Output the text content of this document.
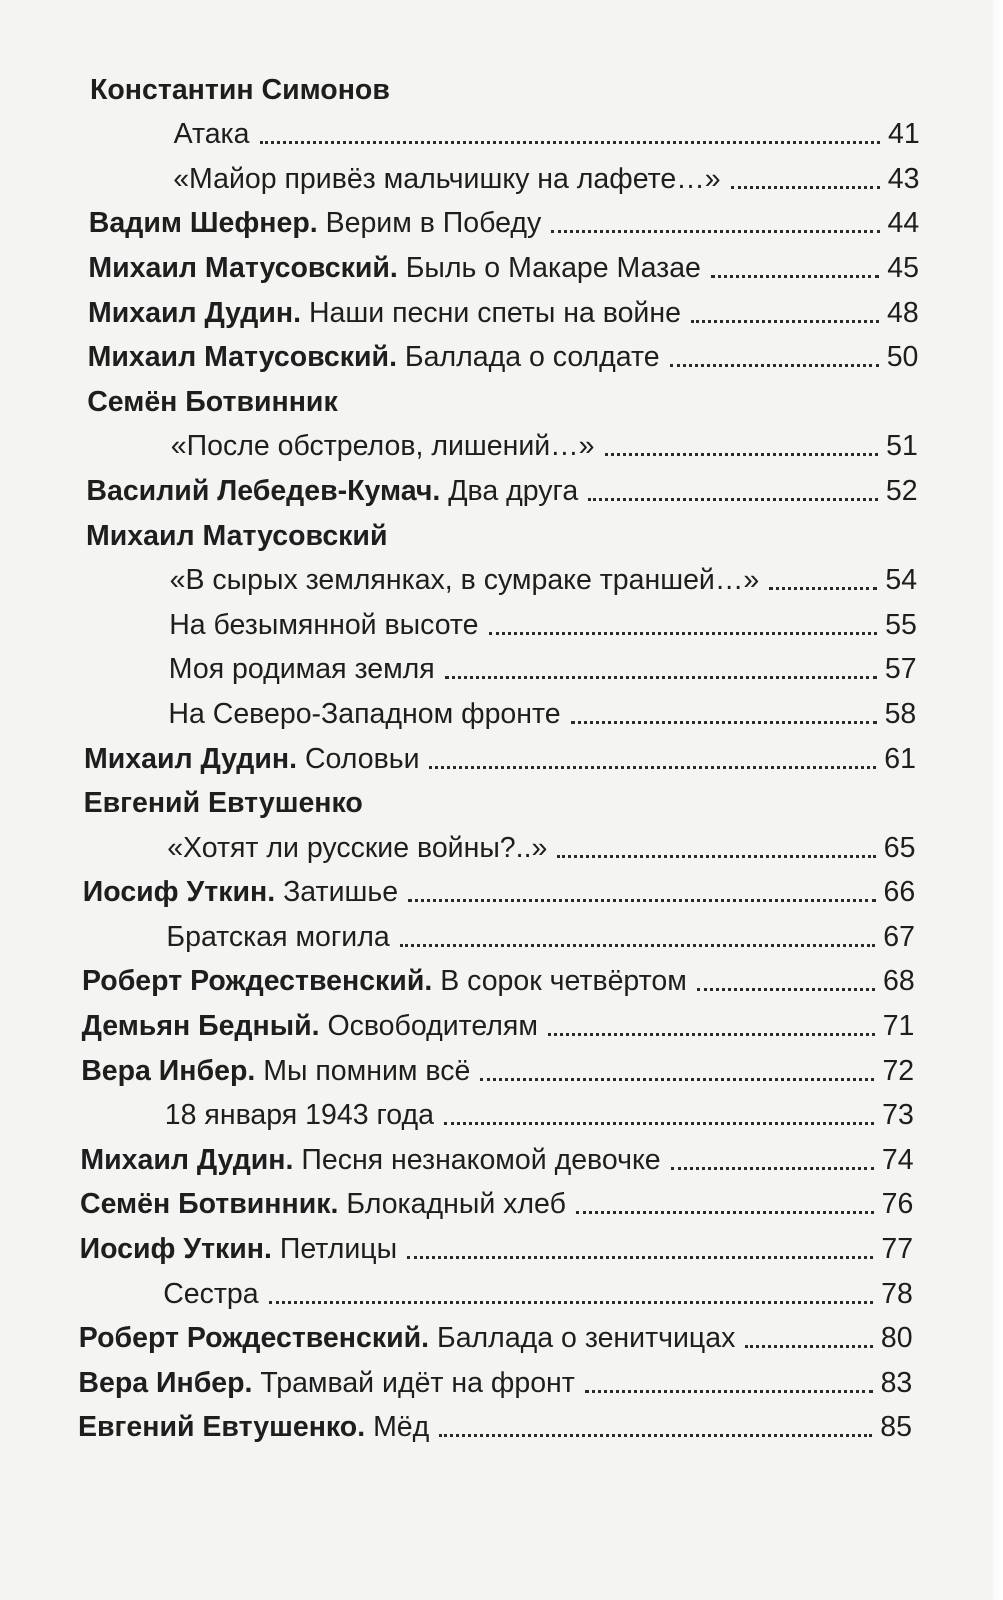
Константин Симонов
Атака	41
«Майор привёз мальчишку на лафете…»	43
Вадим Шефнер. Верим в Победу	44
Михаил Матусовский. Быль о Макаре Мазае	45
Михаил Дудин. Наши песни спеты на войне	48
Михаил Матусовский. Баллада о солдате	50
Семён Ботвинник
«После обстрелов, лишений…»	51
Василий Лебедев-Кумач. Два друга	52
Михаил Матусовский
«В сырых землянках, в сумраке траншей…»	54
На безымянной высоте	55
Моя родимая земля	57
На Северо-Западном фронте	58
Михаил Дудин. Соловьи	61
Евгений Евтушенко
«Хотят ли русские войны?..»	65
Иосиф Уткин. Затишье	66
Братская могила	67
Роберт Рождественский. В сорок четвёртом	68
Демьян Бедный. Освободителям	71
Вера Инбер. Мы помним всё	72
18 января 1943 года	73
Михаил Дудин. Песня незнакомой девочке	74
Семён Ботвинник. Блокадный хлеб	76
Иосиф Уткин. Петлицы	77
Сестра	78
Роберт Рождественский. Баллада о зенитчицах	80
Вера Инбер. Трамвай идёт на фронт	83
Евгений Евтушенко. Мёд	85
